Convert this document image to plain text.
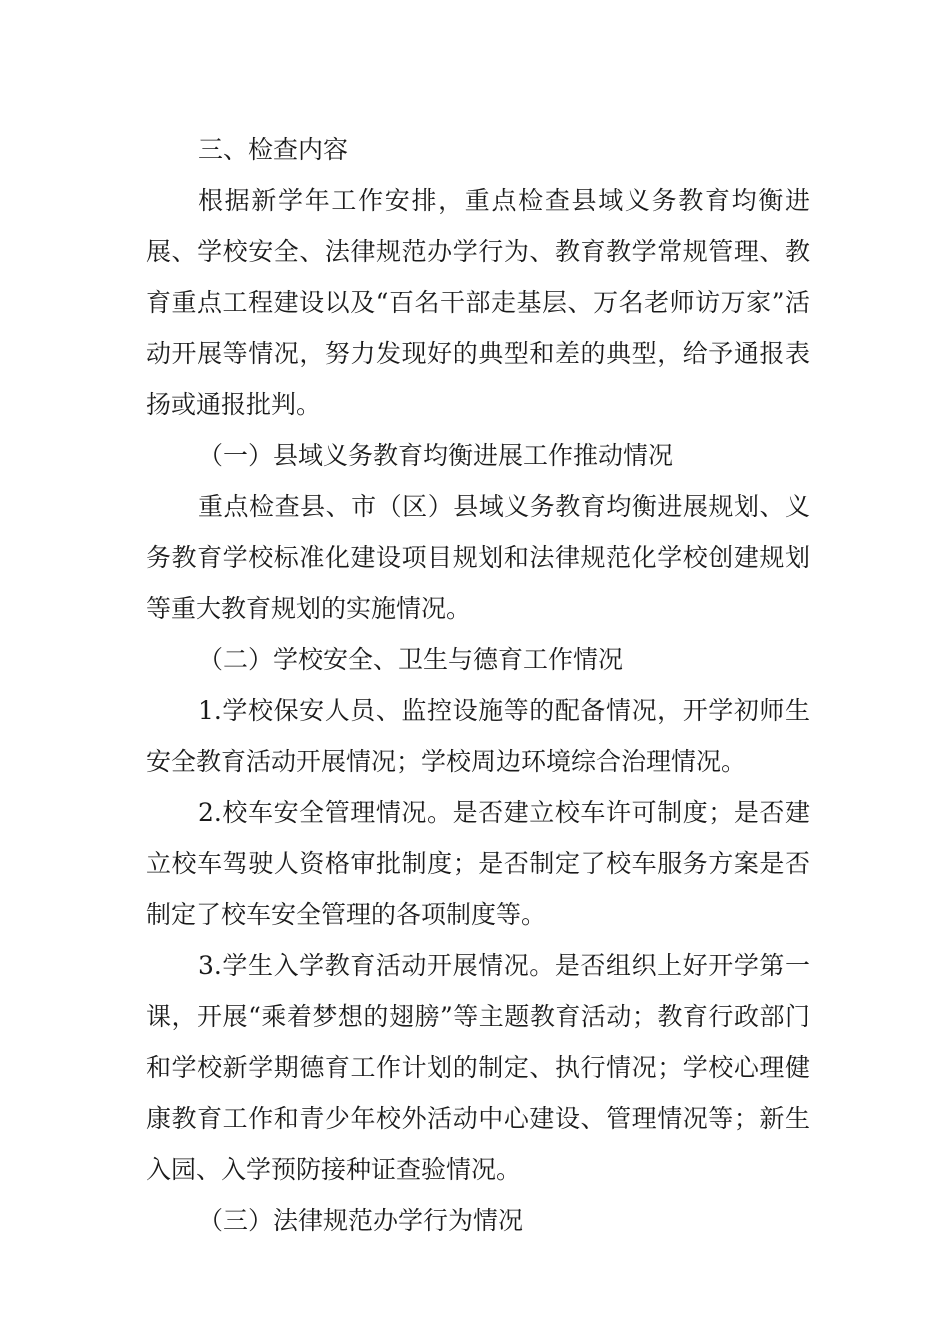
三、检查内容

根据新学年工作安排，重点检查县域义务教育均衡进展、学校安全、法律规范办学行为、教育教学常规管理、教育重点工程建设以及“百名干部走基层、万名老师访万家”活动开展等情况，努力发现好的典型和差的典型，给予通报表扬或通报批判。

（一）县域义务教育均衡进展工作推动情况

重点检查县、市（区）县域义务教育均衡进展规划、义务教育学校标准化建设项目规划和法律规范化学校创建规划等重大教育规划的实施情况。

（二）学校安全、卫生与德育工作情况

1.学校保安人员、监控设施等的配备情况，开学初师生安全教育活动开展情况；学校周边环境综合治理情况。

2.校车安全管理情况。是否建立校车许可制度；是否建立校车驾驶人资格审批制度；是否制定了校车服务方案是否制定了校车安全管理的各项制度等。

3.学生入学教育活动开展情况。是否组织上好开学第一课，开展“乘着梦想的翅膀”等主题教育活动；教育行政部门和学校新学期德育工作计划的制定、执行情况；学校心理健康教育工作和青少年校外活动中心建设、管理情况等；新生入园、入学预防接种证查验情况。

（三）法律规范办学行为情况
